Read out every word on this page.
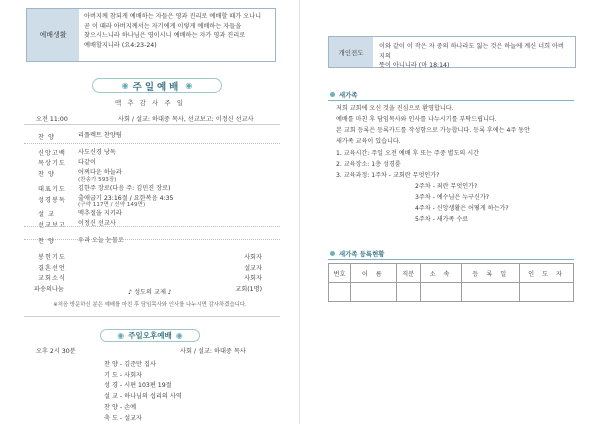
예배생활
아버지께 참되게 예배하는 자들은 영과 진리로 예배할 때가 오나니
곧 이 때라 아버지께서는 자기에게 이렇게 예배하는 자들을
찾으시느니라 하나님은 영이시니 예배하는 자가 영과 진리로
예배할지니라 (요4:23-24)
◉ 주일예배 ◉
맥 추 감 사 주 일
오전 11:00	사회 / 설교: 하대중 목사, 선교보고: 이정신 선교사
찬 양	리플렉트 찬양팀
신앙고백	사도신경 낭독
목상기도	다같이
찬 양	어찌다운 하늘과
(찬송가 593장)
대표기도	김한주 장로(다음 주: 김민진 장로)
성경봉독	출애굽기 23:16절 / 요한복음 4:35
(구약 117면 / 신약 149면)
설 교	맥추절을 지키라
선교보고	이정신 선교사
찬 양	우리 오늘 눈물로
봉헌기도	사회자
결혼선언	설교자
교회소식	사회자
파송의나눔	교회(1명)
♪ 성도의 교제 ♪
※처음 방문하신 분은 예배를 마친 후 담임목사와 인사를 나누시면 감사하겠습니다.
◉ 주일오후예배 ◉
오후 2시 30분	사회 / 설교: 하대중 목사
찬 양 - 김준만 집사
기 도 - 사회자
성 경 - 시편 103편 19절
설 교 - 하나님의 섭리의 사역
찬 양 - 손예
축 도 - 설교자
개인전도
이와 같이 이 작은 자 중의 하나라도 잃는 것은 하늘에 계신 너희 아버지의
뜻이 아니니라 (마 18:14)
새가족
저희 교회에 오신 것을 진심으로 환영합니다.
예배를 마친 후 담임목사와 인사를 나누시기를 부탁드립니다.
본 교회 등록은 등록카드를 작성함으로 가능합니다. 등록 후에는 4주 동안
새가족 교육이 있습니다.
1. 교육시간: 주일 오전 예배 후 또는 주중 별도의 시간
2. 교육장소: 1층 성경룸
3. 교육과정: 1주차 - 교회란 무엇인가?
2주차 - 죄란 무엇인가?
3주차 - 예수님은 누구신가?
4주차 - 신앙생활은 어떻게 하는가?
5주차 - 새가족 수료
새가족 등록현황
번호	이 름	직분	소 속	등 록 일	인 도 자
